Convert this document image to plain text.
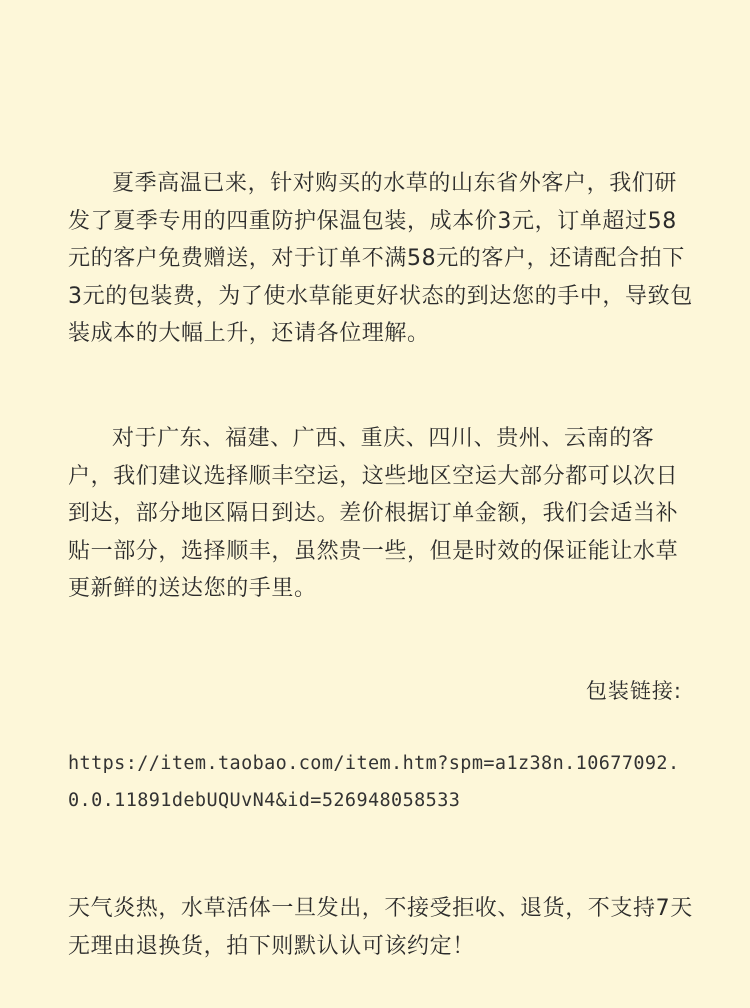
夏季高温已来，针对购买的水草的山东省外客户，我们研发了夏季专用的四重防护保温包装，成本价3元，订单超过58元的客户免费赠送，对于订单不满58元的客户，还请配合拍下3元的包装费，为了使水草能更好状态的到达您的手中，导致包装成本的大幅上升，还请各位理解。

对于广东、福建、广西、重庆、四川、贵州、云南的客户，我们建议选择顺丰空运，这些地区空运大部分都可以次日到达，部分地区隔日到达。差价根据订单金额，我们会适当补贴一部分，选择顺丰，虽然贵一些，但是时效的保证能让水草更新鲜的送达您的手里。

包装链接:

https://item.taobao.com/item.htm?spm=a1z38n.10677092.0.0.11891debUQUvN4&id=526948058533

天气炎热，水草活体一旦发出，不接受拒收、退货，不支持7天无理由退换货，拍下则默认认可该约定！
